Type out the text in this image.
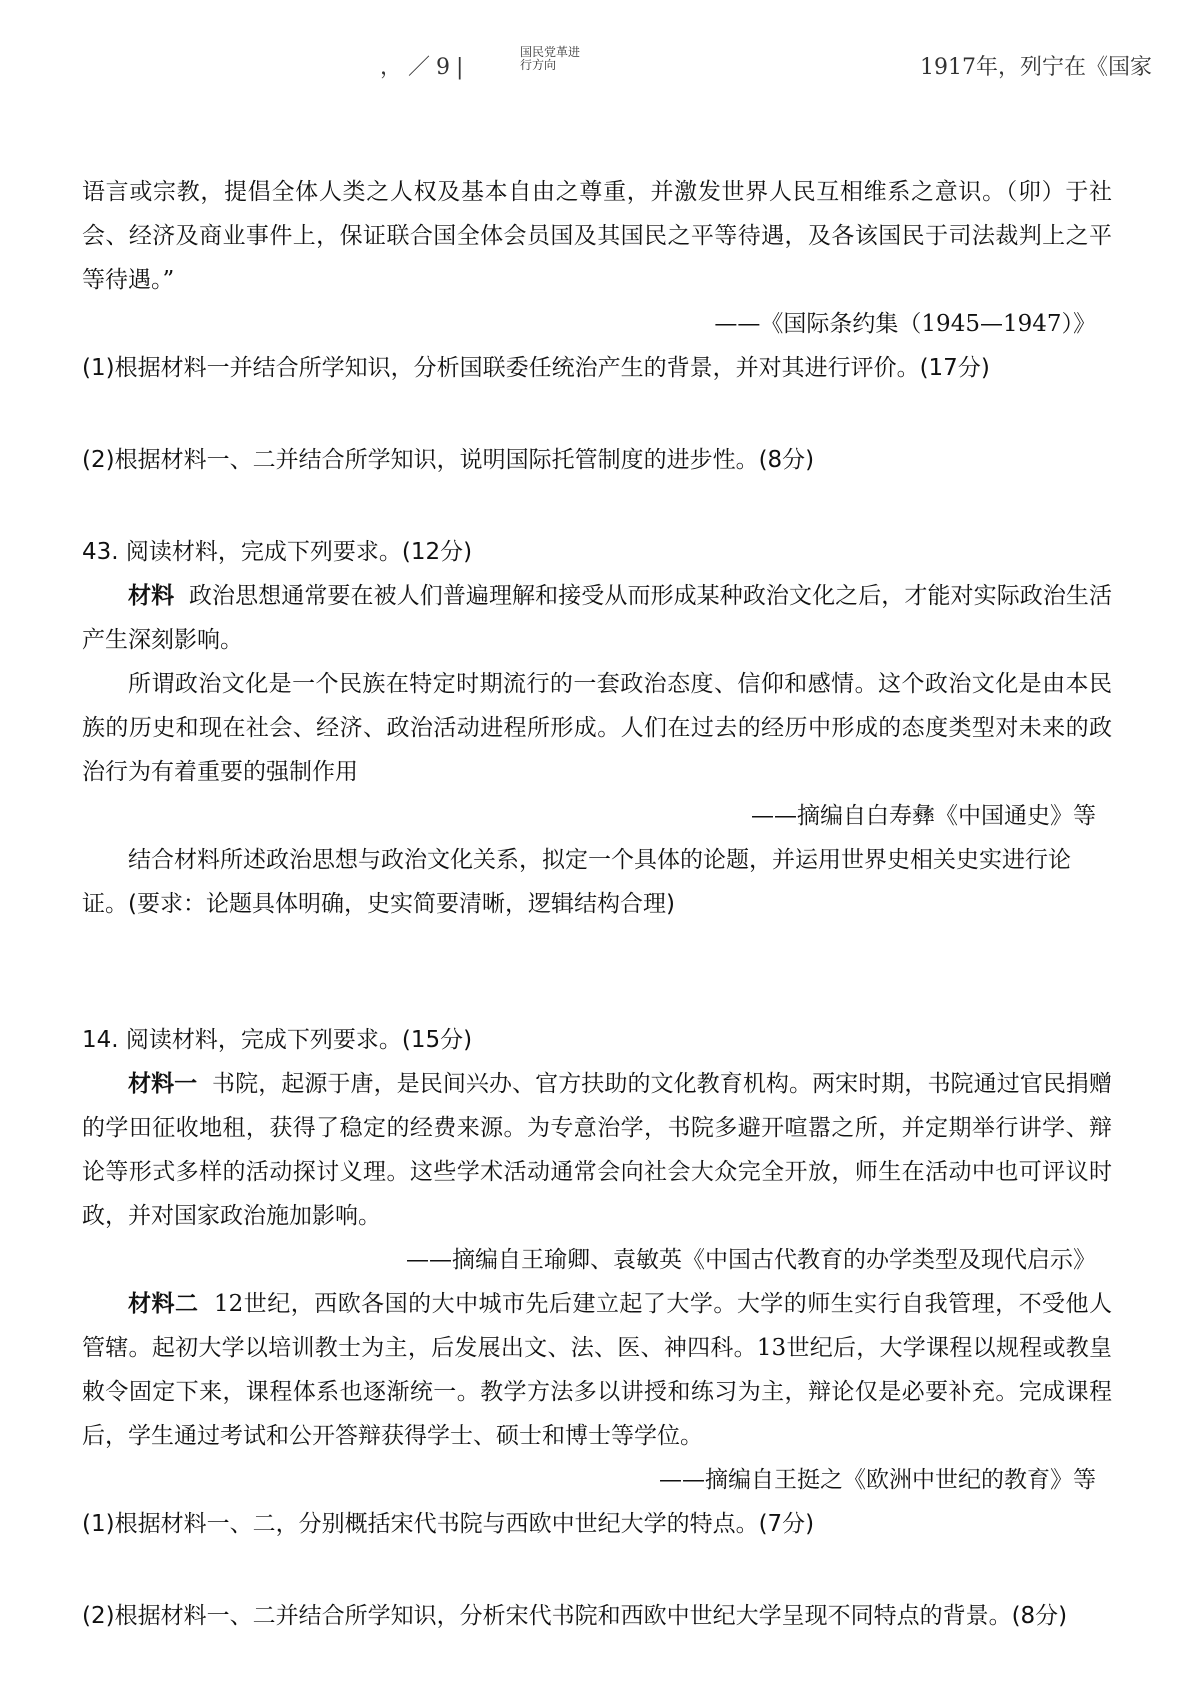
，／9|
国民党革进行方向	1917年，列宁在《国家

语言或宗教，提倡全体人类之人权及基本自由之尊重，并激发世界人民互相维系之意识。（卯）于社会、经济及商业事件上，保证联合国全体会员国及其国民之平等待遇，及各该国民于司法裁判上之平等待遇。”

——《国际条约集（1945—1947）》

(1)根据材料一并结合所学知识，分析国联委任统治产生的背景，并对其进行评价。(17分)

(2)根据材料一、二并结合所学知识，说明国际托管制度的进步性。(8分)

43. 阅读材料，完成下列要求。(12分)

材料 政治思想通常要在被人们普遍理解和接受从而形成某种政治文化之后，才能对实际政治生活产生深刻影响。

所谓政治文化是一个民族在特定时期流行的一套政治态度、信仰和感情。这个政治文化是由本民族的历史和现在社会、经济、政治活动进程所形成。人们在过去的经历中形成的态度类型对未来的政治行为有着重要的强制作用

——摘编自白寿彝《中国通史》等

结合材料所述政治思想与政治文化关系，拟定一个具体的论题，并运用世界史相关史实进行论证。(要求：论题具体明确，史实简要清晰，逻辑结构合理)

14. 阅读材料，完成下列要求。(15分)

材料一 书院，起源于唐，是民间兴办、官方扶助的文化教育机构。两宋时期，书院通过官民捐赠的学田征收地租，获得了稳定的经费来源。为专意治学，书院多避开喧嚣之所，并定期举行讲学、辩论等形式多样的活动探讨义理。这些学术活动通常会向社会大众完全开放，师生在活动中也可评议时政，并对国家政治施加影响。

——摘编自王瑜卿、袁敏英《中国古代教育的办学类型及现代启示》

材料二 12世纪，西欧各国的大中城市先后建立起了大学。大学的师生实行自我管理，不受他人管辖。起初大学以培训教士为主，后发展出文、法、医、神四科。13世纪后，大学课程以规程或教皇敕令固定下来，课程体系也逐渐统一。教学方法多以讲授和练习为主，辩论仅是必要补充。完成课程后，学生通过考试和公开答辩获得学士、硕士和博士等学位。

——摘编自王挺之《欧洲中世纪的教育》等

(1)根据材料一、二，分别概括宋代书院与西欧中世纪大学的特点。(7分)

(2)根据材料一、二并结合所学知识，分析宋代书院和西欧中世纪大学呈现不同特点的背景。(8分)
